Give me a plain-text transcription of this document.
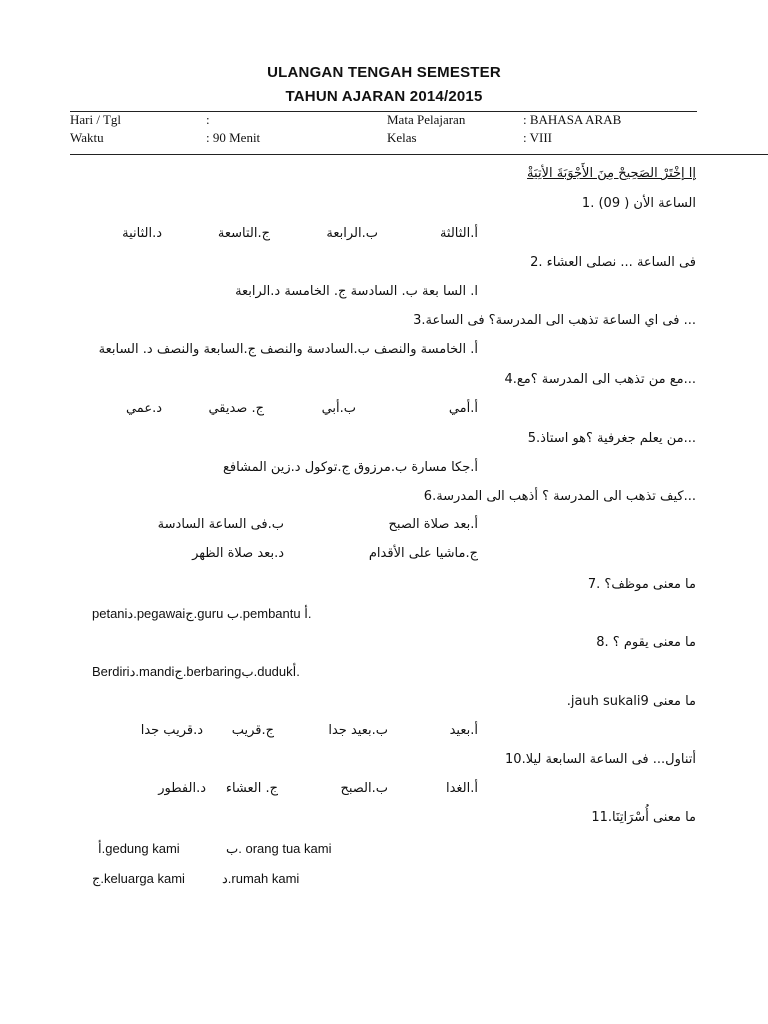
ULANGAN TENGAH SEMESTER
TAHUN AJARAN 2014/2015
Hari / Tgl	:	Mata Pelajaran	: BAHASA ARAB
Waktu	: 90 Menit	Kelas	: VIII
إ‌ا إخْتَرْ الصَحِيحْ مِنَ الأَجْوَبَةَ الأتِيَةْ
الساعة الأن ( 09) .1
أ.الثالثة
ب.الرابعة
ج.التاسعة
د.الثانية
فى الساعة ... نصلى العشاء .2
ا. السا بعة ب. السادسة ج. الخامسة د.الرابعة
... فى اي الساعة تذهب الى المدرسة؟ فى الساعة.3
أ. الخامسة والنصف ب.السادسة والنصف ج.السابعة والنصف د. السابعة
...مع من تذهب الى المدرسة ؟مع.4
أ.أمي
ب.أبي
ج. صديقي
د.عمي
...من يعلم جغرفية ؟هو استاذ.5
أ.جكا مسارة ب.مرزوق ج.توكول د.زين المشافع
...كيف تذهب الى المدرسة ؟ أذهب الى المدرسة.6
أ.بعد صلاة الصبح
ب.فى الساعة السادسة
ج.ماشيا على الأقدام
د.بعد صلاة الظهر
ما معنى موظف؟ .7
petaniد.pegawaiج.guru ب.pembantu أ.
ما معنى يقوم ؟ .8
Berdiriد.mandiج.berbaringب.dudukأ.
ما معنى jauh sukali9.
أ.بعيد
ب.بعيد جدا
ج.قريب
د.قريب جدا
أتناول... فى الساعة السابعة ليلا.10
أ.الغدا
ب.الصبح
ج. العشاء
د.الفطور
ما معنى أُسْرَاتِنَا.11
أ.gedung kami	ب. orang tua kami
ج.keluarga kami	د.rumah kami
